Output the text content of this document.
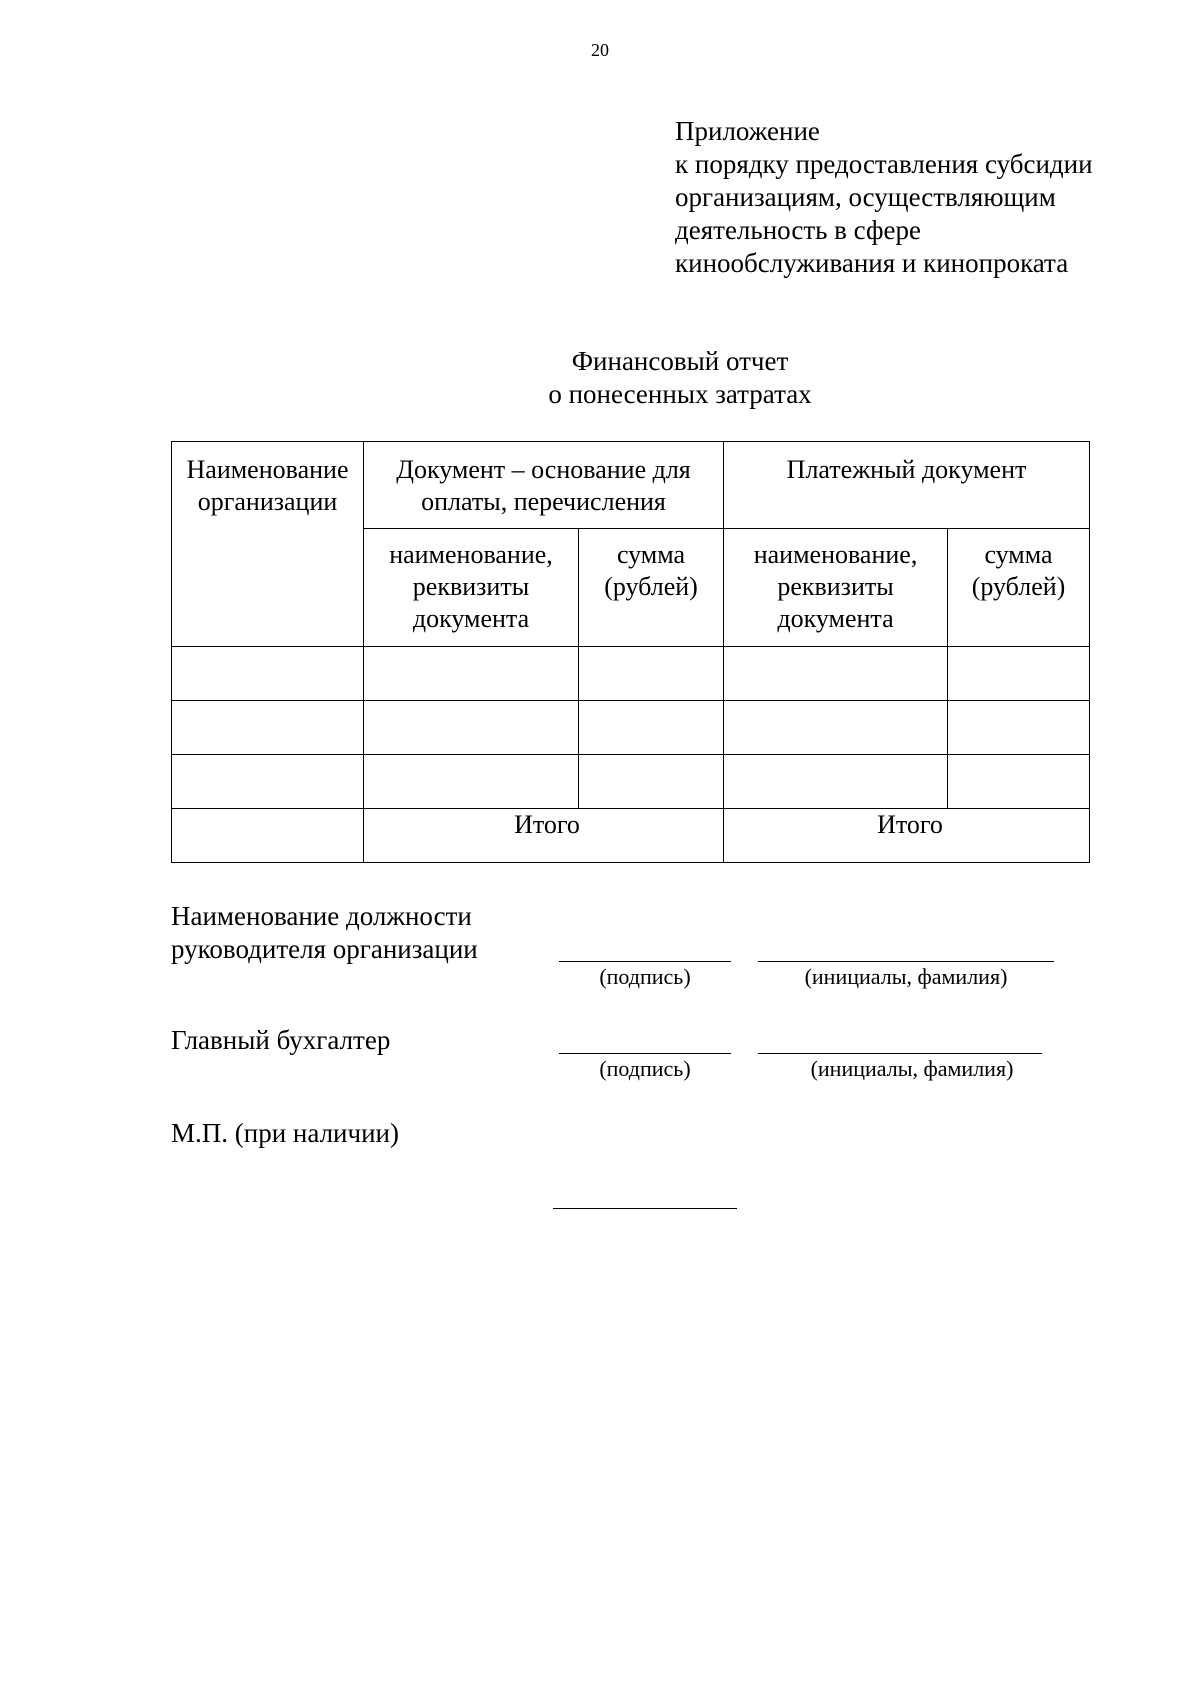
20
Приложение
к порядку предоставления субсидии
организациям, осуществляющим
деятельность в сфере
кинообслуживания и кинопроката
Финансовый отчет
о понесенных затратах
Наименование организации	Документ – основание для оплаты, перечисления		Платежный документ	

	наименование, реквизиты документа	сумма (рублей)	наименование, реквизиты документа	сумма (рублей)

	Итого		Итого	
Наименование должности
руководителя организации
(подпись)	(инициалы, фамилия)
Главный бухгалтер
(подпись)	(инициалы, фамилия)
М.П. (при наличии)
